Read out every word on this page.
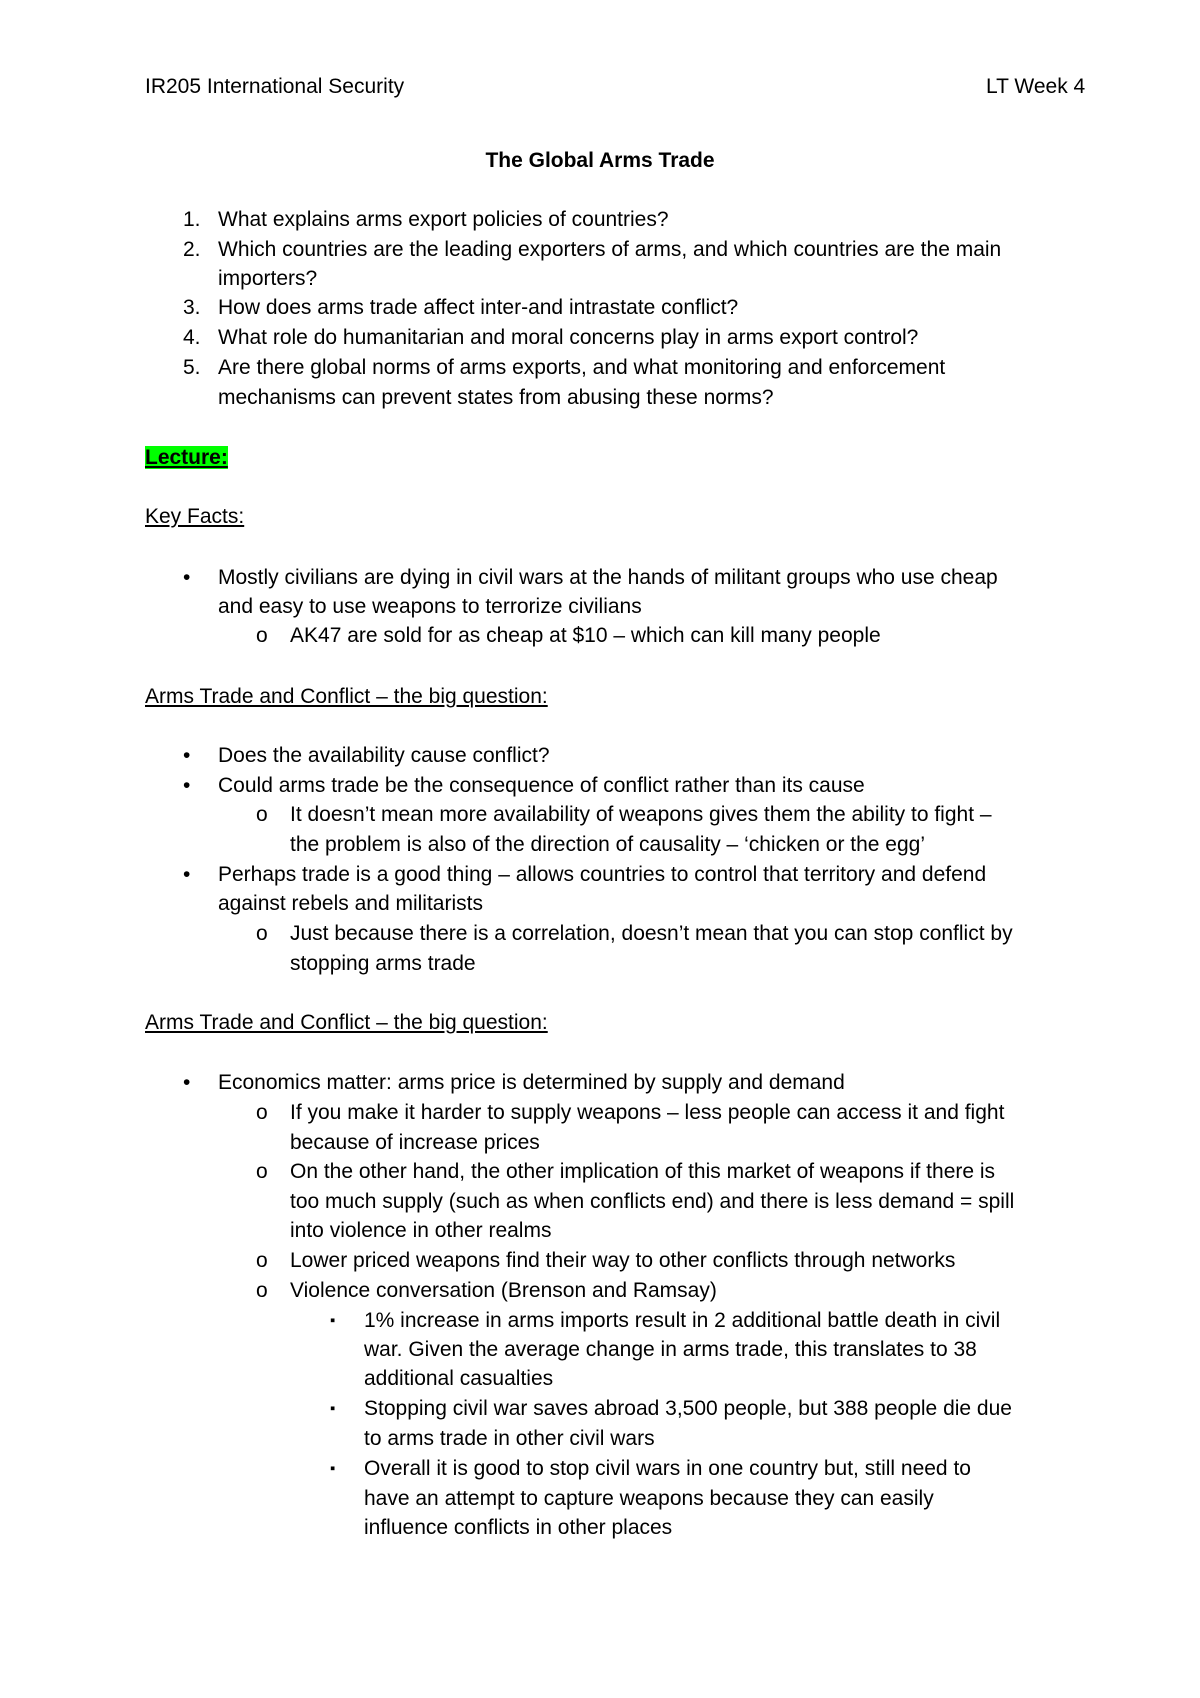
IR205 International Security	LT Week 4

The Global Arms Trade

1. What explains arms export policies of countries?

2. Which countries are the leading exporters of arms, and which countries are the main

importers?

3. How does arms trade affect inter-and intrastate conflict?

4. What role do humanitarian and moral concerns play in arms export control?

5. Are there global norms of arms exports, and what monitoring and enforcement

mechanisms can prevent states from abusing these norms?

Lecture:

Key Facts:

• Mostly civilians are dying in civil wars at the hands of militant groups who use cheap

and easy to use weapons to terrorize civilians

o AK47 are sold for as cheap at $10 – which can kill many people

Arms Trade and Conflict – the big question:

• Does the availability cause conflict?

• Could arms trade be the consequence of conflict rather than its cause

o It doesn’t mean more availability of weapons gives them the ability to fight –

the problem is also of the direction of causality – ‘chicken or the egg’

• Perhaps trade is a good thing – allows countries to control that territory and defend

against rebels and militarists

o Just because there is a correlation, doesn’t mean that you can stop conflict by

stopping arms trade

Arms Trade and Conflict – the big question:

• Economics matter: arms price is determined by supply and demand

o If you make it harder to supply weapons – less people can access it and fight

because of increase prices

o On the other hand, the other implication of this market of weapons if there is

too much supply (such as when conflicts end) and there is less demand = spill

into violence in other realms

o Lower priced weapons find their way to other conflicts through networks

o Violence conversation (Brenson and Ramsay)

▪ 1% increase in arms imports result in 2 additional battle death in civil

war. Given the average change in arms trade, this translates to 38

additional casualties

▪ Stopping civil war saves abroad 3,500 people, but 388 people die due

to arms trade in other civil wars

▪ Overall it is good to stop civil wars in one country but, still need to

have an attempt to capture weapons because they can easily

influence conflicts in other places
